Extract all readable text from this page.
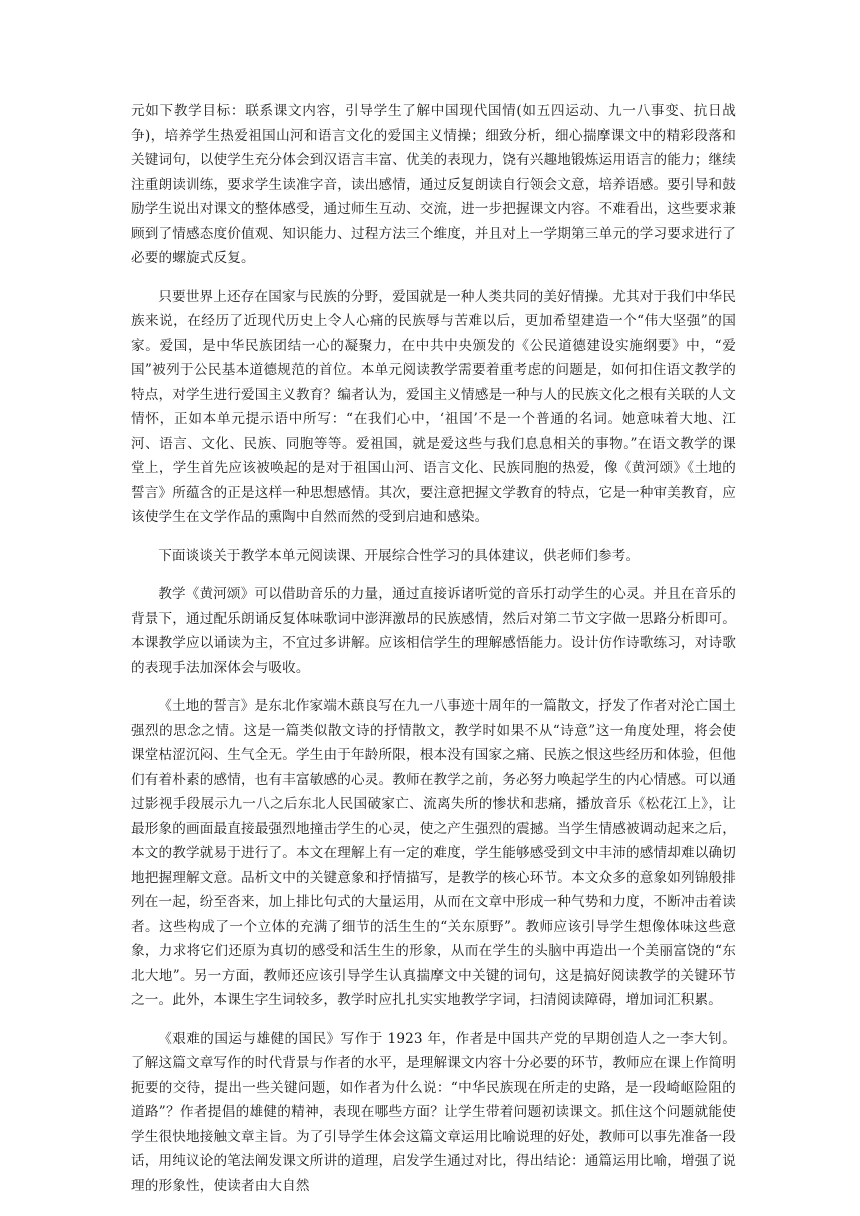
元如下教学目标：联系课文内容，引导学生了解中国现代国情(如五四运动、九一八事变、抗日战争)，培养学生热爱祖国山河和语言文化的爱国主义情操；细致分析，细心揣摩课文中的精彩段落和关键词句，以使学生充分体会到汉语言丰富、优美的表现力，饶有兴趣地锻炼运用语言的能力；继续注重朗读训练，要求学生读准字音，读出感情，通过反复朗读自行领会文意，培养语感。要引导和鼓励学生说出对课文的整体感受，通过师生互动、交流，进一步把握课文内容。不难看出，这些要求兼顾到了情感态度价值观、知识能力、过程方法三个维度，并且对上一学期第三单元的学习要求进行了必要的螺旋式反复。

只要世界上还存在国家与民族的分野，爱国就是一种人类共同的美好情操。尤其对于我们中华民族来说，在经历了近现代历史上令人心痛的民族辱与苦难以后，更加希望建造一个“伟大坚强”的国家。爱国，是中华民族团结一心的凝聚力，在中共中央颁发的《公民道德建设实施纲要》中，“爱国”被列于公民基本道德规范的首位。本单元阅读教学需要着重考虑的问题是，如何扣住语文教学的特点，对学生进行爱国主义教育？编者认为，爱国主义情感是一种与人的民族文化之根有关联的人文情怀，正如本单元提示语中所写：“在我们心中，‘祖国’不是一个普通的名词。她意味着大地、江河、语言、文化、民族、同胞等等。爱祖国，就是爱这些与我们息息相关的事物。”在语文教学的课堂上，学生首先应该被唤起的是对于祖国山河、语言文化、民族同胞的热爱，像《黄河颂》《土地的誓言》所蕴含的正是这样一种思想感情。其次，要注意把握文学教育的特点，它是一种审美教育，应该使学生在文学作品的熏陶中自然而然的受到启迪和感染。

下面谈谈关于教学本单元阅读课、开展综合性学习的具体建议，供老师们参考。

教学《黄河颂》可以借助音乐的力量，通过直接诉诸听觉的音乐打动学生的心灵。并且在音乐的背景下，通过配乐朗诵反复体味歌词中澎湃激昂的民族感情，然后对第二节文字做一思路分析即可。本课教学应以诵读为主，不宜过多讲解。应该相信学生的理解感悟能力。设计仿作诗歌练习，对诗歌的表现手法加深体会与吸收。

《土地的誓言》是东北作家端木蕻良写在九一八事迹十周年的一篇散文，抒发了作者对沦亡国土强烈的思念之情。这是一篇类似散文诗的抒情散文，教学时如果不从“诗意”这一角度处理，将会使课堂枯涩沉闷、生气全无。学生由于年龄所限，根本没有国家之痛、民族之恨这些经历和体验，但他们有着朴素的感情，也有丰富敏感的心灵。教师在教学之前，务必努力唤起学生的内心情感。可以通过影视手段展示九一八之后东北人民国破家亡、流离失所的惨状和悲痛，播放音乐《松花江上》，让最形象的画面最直接最强烈地撞击学生的心灵，使之产生强烈的震撼。当学生情感被调动起来之后，本文的教学就易于进行了。本文在理解上有一定的难度，学生能够感受到文中丰沛的感情却难以确切地把握理解文意。品析文中的关键意象和抒情描写，是教学的核心环节。本文众多的意象如列锦般排列在一起，纷至沓来，加上排比句式的大量运用，从而在文章中形成一种气势和力度，不断冲击着读者。这些构成了一个立体的充满了细节的活生生的“关东原野”。教师应该引导学生想像体味这些意象，力求将它们还原为真切的感受和活生生的形象，从而在学生的头脑中再造出一个美丽富饶的“东北大地”。另一方面，教师还应该引导学生认真揣摩文中关键的词句，这是搞好阅读教学的关键环节之一。此外，本课生字生词较多，教学时应扎扎实实地教学字词，扫清阅读障碍，增加词汇积累。

《艰难的国运与雄健的国民》写作于 1923 年，作者是中国共产党的早期创造人之一李大钊。了解这篇文章写作的时代背景与作者的水平，是理解课文内容十分必要的环节，教师应在课上作简明扼要的交待，提出一些关键问题，如作者为什么说：“中华民族现在所走的史路，是一段崎岖险阻的道路”？作者提倡的雄健的精神，表现在哪些方面？让学生带着问题初读课文。抓住这个问题就能使学生很快地接触文章主旨。为了引导学生体会这篇文章运用比喻说理的好处，教师可以事先准备一段话，用纯议论的笔法阐发课文所讲的道理，启发学生通过对比，得出结论：通篇运用比喻，增强了说理的形象性，使读者由大自然
